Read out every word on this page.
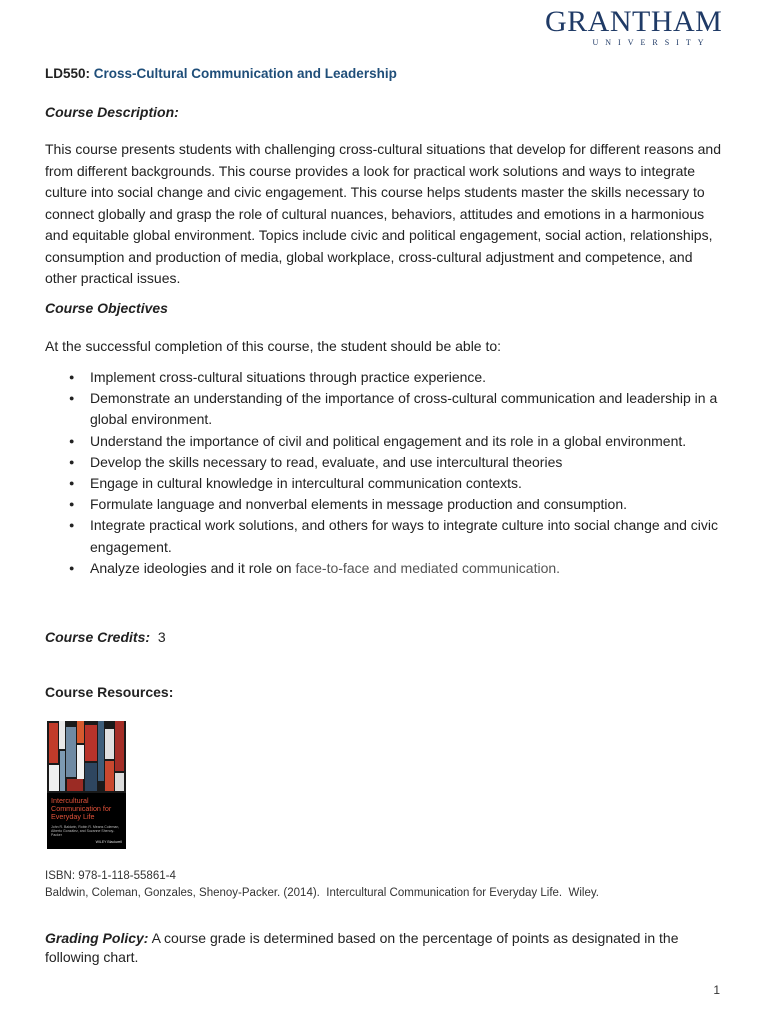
GRANTHAM
UNIVERSITY
LD550: Cross-Cultural Communication and Leadership
Course Description:

This course presents students with challenging cross-cultural situations that develop for different reasons and from different backgrounds. This course provides a look for practical work solutions and ways to integrate culture into social change and civic engagement. This course helps students master the skills necessary to connect globally and grasp the role of cultural nuances, behaviors, attitudes and emotions in a harmonious and equitable global environment. Topics include civic and political engagement, social action, relationships, consumption and production of media, global workplace, cross-cultural adjustment and competence, and other practical issues.

Course Objectives
At the successful completion of this course, the student should be able to:
● Implement cross-cultural situations through practice experience.
● Demonstrate an understanding of the importance of cross-cultural communication and leadership in a global environment.
● Understand the importance of civil and political engagement and its role in a global environment.
● Develop the skills necessary to read, evaluate, and use intercultural theories
● Engage in cultural knowledge in intercultural communication contexts.
● Formulate language and nonverbal elements in message production and consumption.
● Integrate practical work solutions, and others for ways to integrate culture into social change and civic engagement.
● Analyze ideologies and it role on face-to-face and mediated communication.
Course Credits: 3
Course Resources:
Intercultural Communication for Everyday Life
John R. Baldwin, Robin R. Means Coleman, Alberto González, and Suzanne Shenoy-Packer
WILEY Blackwell
ISBN: 978-1-118-55861-4
Baldwin, Coleman, Gonzales, Shenoy-Packer. (2014).  Intercultural Communication for Everyday Life.  Wiley.
Grading Policy: A course grade is determined based on the percentage of points as designated in the following chart.
1
